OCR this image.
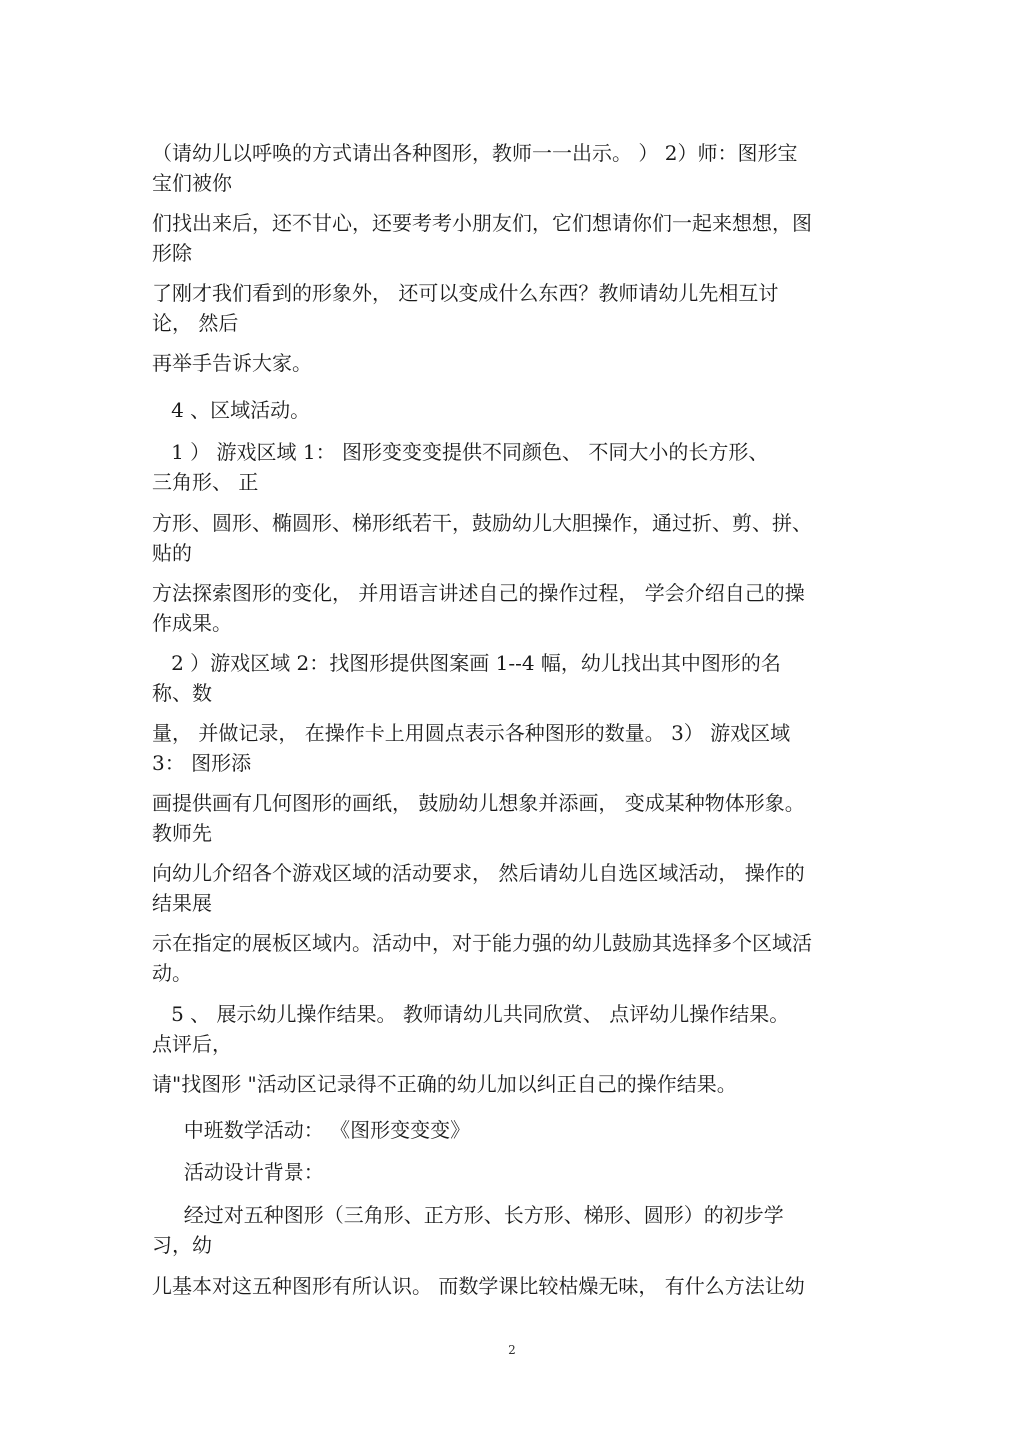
（请幼儿以呼唤的方式请出各种图形，教师一一出示。 ） 2）师：图形宝
宝们被你

们找出来后，还不甘心，还要考考小朋友们，它们想请你们一起来想想，图
形除

了刚才我们看到的形象外， 还可以变成什么东西？教师请幼儿先相互讨
论， 然后

再举手告诉大家。

4 、区域活动。

1 ） 游戏区域 1： 图形变变变提供不同颜色、 不同大小的长方形、
三角形、 正

方形、圆形、椭圆形、梯形纸若干，鼓励幼儿大胆操作，通过折、剪、拼、
贴的

方法探索图形的变化， 并用语言讲述自己的操作过程， 学会介绍自己的操
作成果。

2 ）游戏区域 2：找图形提供图案画 1--4 幅，幼儿找出其中图形的名
称、数

量， 并做记录， 在操作卡上用圆点表示各种图形的数量。 3） 游戏区域
3： 图形添

画提供画有几何图形的画纸， 鼓励幼儿想象并添画， 变成某种物体形象。
教师先

向幼儿介绍各个游戏区域的活动要求， 然后请幼儿自选区域活动， 操作的
结果展

示在指定的展板区域内。活动中，对于能力强的幼儿鼓励其选择多个区域活
动。

5 、 展示幼儿操作结果。 教师请幼儿共同欣赏、 点评幼儿操作结果。
点评后，

请"找图形 "活动区记录得不正确的幼儿加以纠正自己的操作结果。

中班数学活动： 《图形变变变》

活动设计背景：

经过对五种图形（三角形、正方形、长方形、梯形、圆形）的初步学
习，幼

儿基本对这五种图形有所认识。 而数学课比较枯燥无味， 有什么方法让幼

2
